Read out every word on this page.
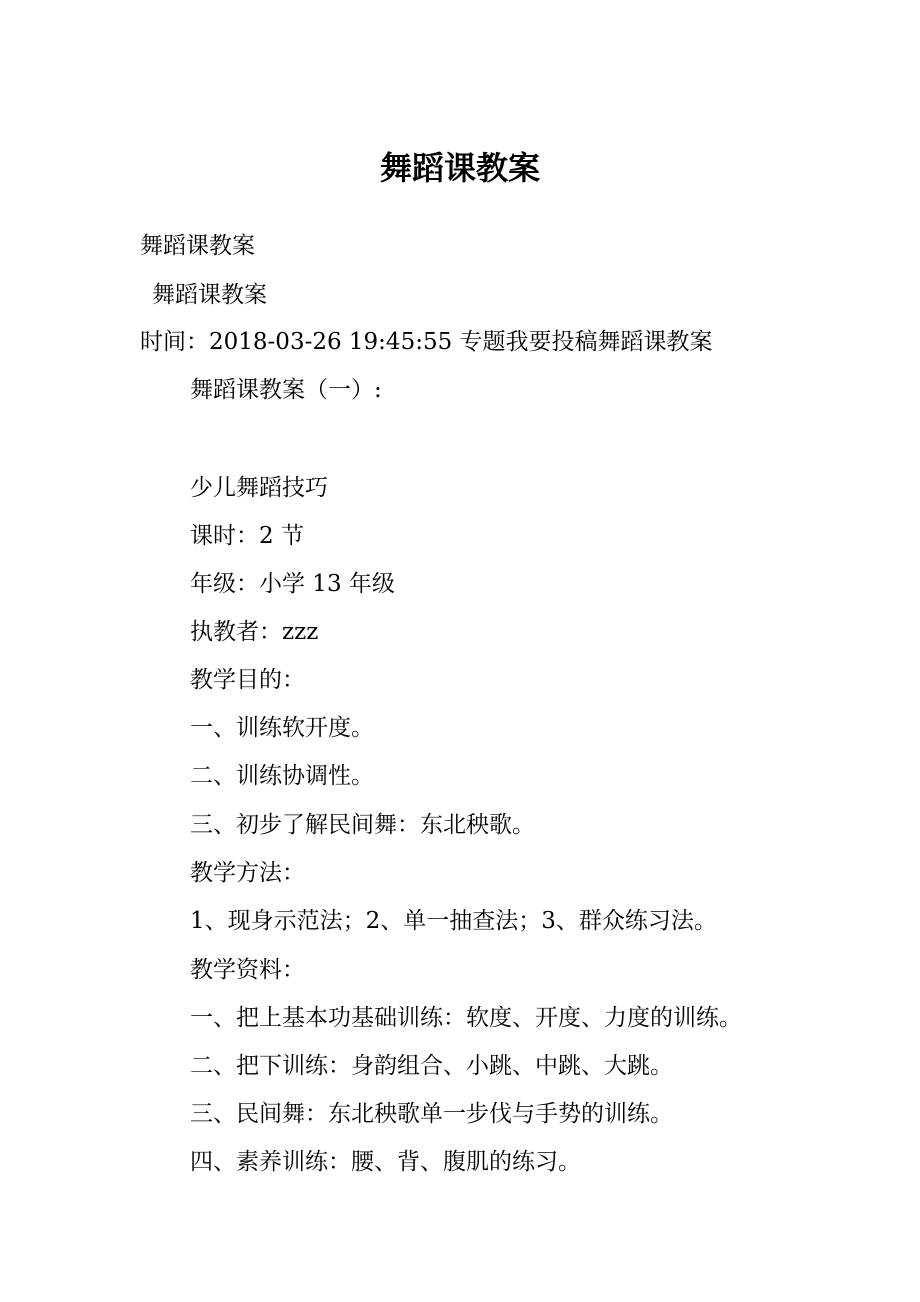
舞蹈课教案
舞蹈课教案
舞蹈课教案
时间：2018-03-26 19:45:55 专题我要投稿舞蹈课教案
舞蹈课教案（一）:
少儿舞蹈技巧
课时：2 节
年级：小学 13 年级
执教者：zzz
教学目的：
一、训练软开度。
二、训练协调性。
三、初步了解民间舞：东北秧歌。
教学方法：
1、现身示范法；2、单一抽查法；3、群众练习法。
教学资料：
一、把上基本功基础训练：软度、开度、力度的训练。
二、把下训练：身韵组合、小跳、中跳、大跳。
三、民间舞：东北秧歌单一步伐与手势的训练。
四、素养训练：腰、背、腹肌的练习。
